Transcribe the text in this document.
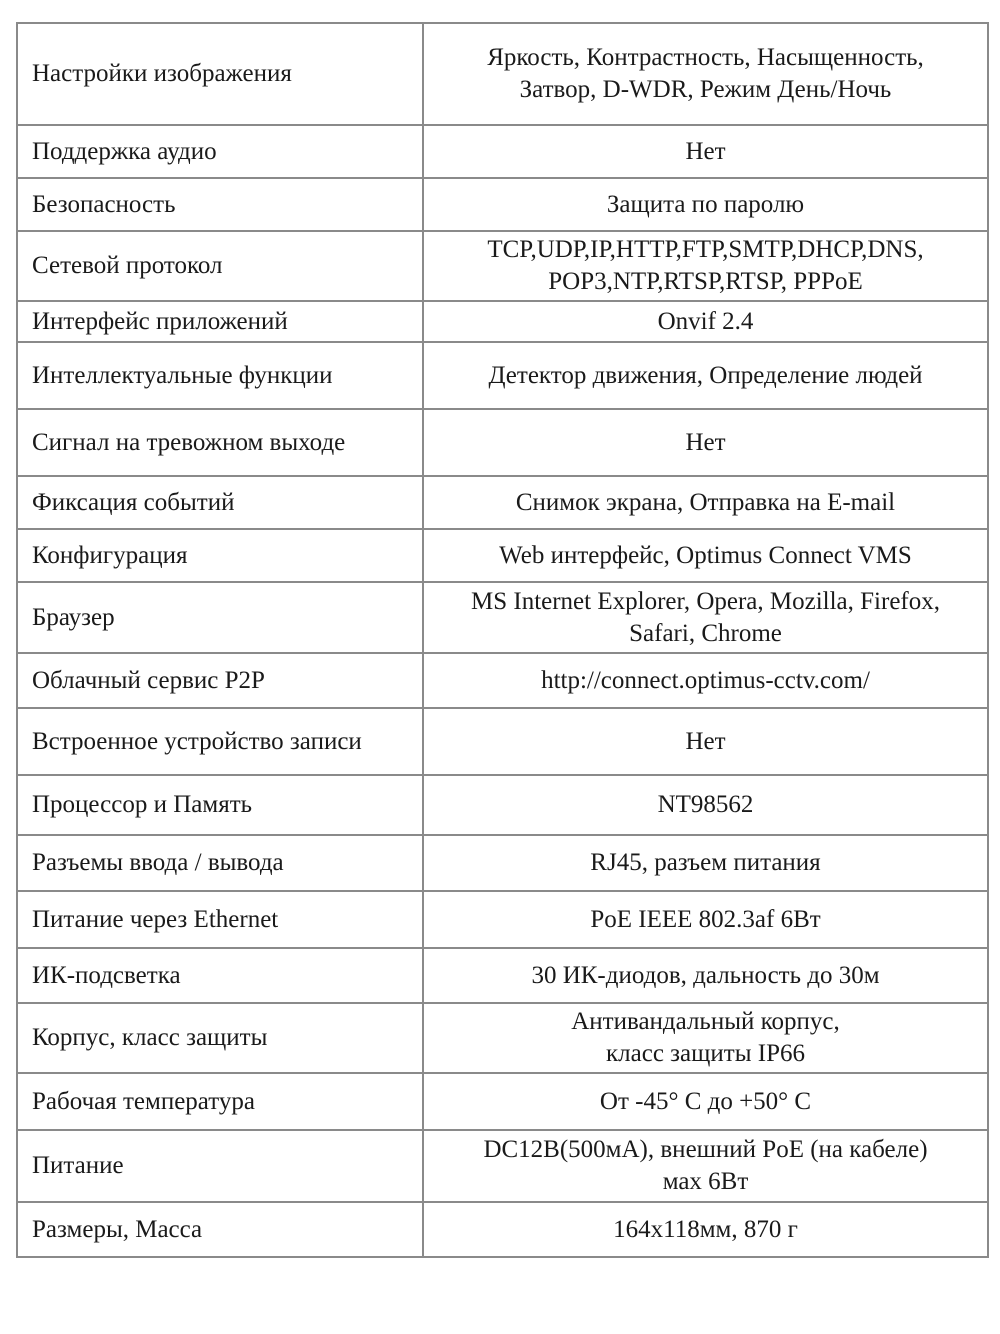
Настройки изображения	Яркость, Контрастность, Насыщенность,
Затвор, D-WDR, Режим День/Ночь
Поддержка аудио	Нет
Безопасность	Защита по паролю
Сетевой протокол	TCP,UDP,IP,HTTP,FTP,SMTP,DHCP,DNS,
POP3,NTP,RTSP,RTSP, PPPoE
Интерфейс приложений	Onvif 2.4
Интеллектуальные функции	Детектор движения, Определение людей
Сигнал на тревожном выходе	Нет
Фиксация событий	Снимок экрана, Отправка на E-mail
Конфигурация	Web интерфейс, Optimus Connect VMS
Браузер	MS Internet Explorer, Opera, Mozilla, Firefox,
Safari, Chrome
Облачный сервис P2P	http://connect.optimus-cctv.com/
Встроенное устройство записи	Нет
Процессор и Память	NT98562
Разъемы ввода / вывода	RJ45, разъем питания
Питание через Ethernet	PoE IEEE 802.3af 6Вт
ИК-подсветка	30 ИК-диодов, дальность до 30м
Корпус, класс защиты	Антивандальный корпус,
класс защиты IP66
Рабочая температура	От -45° С до +50° С
Питание	DC12В(500мА), внешний PoE (на кабеле)
мах 6Вт
Размеры, Масса	164х118мм, 870 г
